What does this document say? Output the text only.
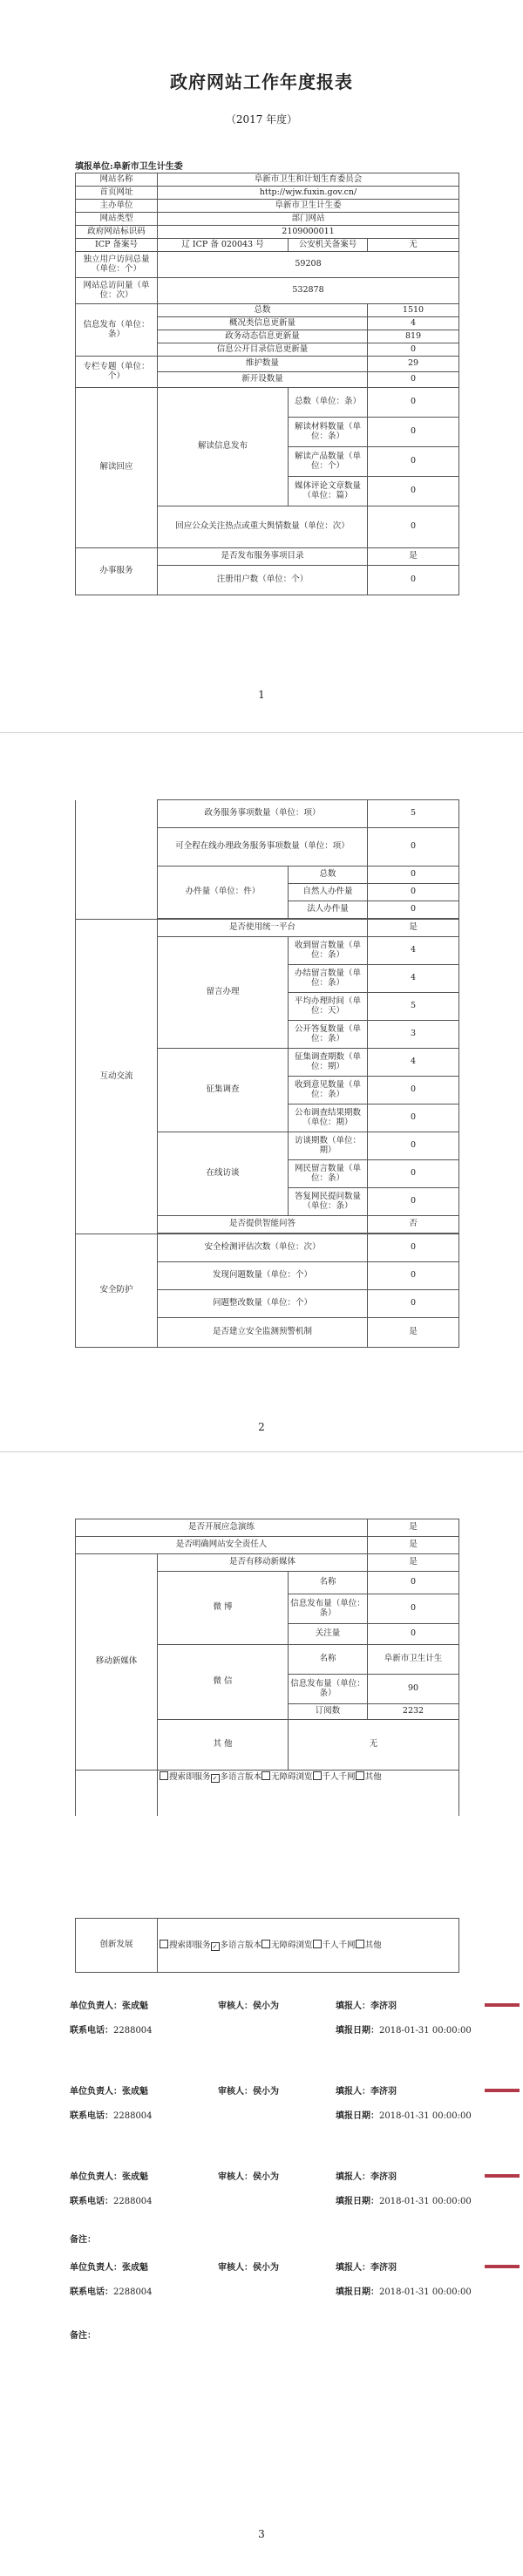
政府网站工作年度报表
（2017 年度）
填报单位:阜新市卫生计生委
网站名称	阜新市卫生和计划生育委员会		
首页网址	http://wjw.fuxin.gov.cn/		
主办单位	阜新市卫生计生委		
网站类型	部门网站		
政府网站标识码	2109000011		
ICP 备案号	辽 ICP 备 020043 号	公安机关备案号	无
独立用户访问总量（单位：个）	59208		
网站总访问量（单位：次）	532878		
信息发布（单位：条）	总数		1510
	概况类信息更新量		4
	政务动态信息更新量		819
	信息公开目录信息更新量		0
专栏专题（单位：个）	维护数量		29
	新开设数量		0
解读回应	解读信息发布	总数（单位：条）	0
		解读材料数量（单位：条）	0
		解读产品数量（单位：个）	0
		媒体评论文章数量（单位：篇）	0
	回应公众关注热点或重大舆情数量（单位：次）		0
办事服务	是否发布服务事项目录		是
	注册用户数（单位：个）		0
1
	政务服务事项数量（单位：项）		5
	可全程在线办理政务服务事项数量（单位：项）		0
	办件量（单位：件）	总数	0
		自然人办件量	0
		法人办件量	0

互动交流	是否使用统一平台		是
	留言办理	收到留言数量（单位：条）	4
		办结留言数量（单位：条）	4
		平均办理时间（单位：天）	5
		公开答复数量（单位：条）	3
	征集调查	征集调查期数（单位：期）	4
		收到意见数量（单位：条）	0
		公布调查结果期数（单位：期）	0
	在线访谈	访谈期数（单位：期）	0
		网民留言数量（单位：条）	0
		答复网民提问数量（单位：条）	0
	是否提供智能问答		否

安全防护	安全检测评估次数（单位：次）		0
	发现问题数量（单位：个）		0
	问题整改数量（单位：个）		0
	是否建立安全监测预警机制		是
2
是否开展应急演练			是
是否明确网站安全责任人			是
移动新媒体	是否有移动新媒体		是
	微 博	名称	0
		信息发布量（单位：条）	0
		关注量	0
	微 信	名称	阜新市卫生计生
		信息发布量（单位：条）	90
		订阅数	2232
	其 他	无	
	搜索即服务 ✓ 多语言版本 无障碍浏览 千人千网 其他		
创新发展	搜索即服务 ✓ 多语言版本 无障碍浏览 千人千网 其他
单位负责人：张成魁	审核人：侯小为	填报人：李济羽
联系电话：2288004	填报日期：2018-01-31 00:00:00
单位负责人：张成魁	审核人：侯小为	填报人：李济羽
联系电话：2288004	填报日期：2018-01-31 00:00:00
单位负责人：张成魁	审核人：侯小为	填报人：李济羽
联系电话：2288004	填报日期：2018-01-31 00:00:00
备注：
单位负责人：张成魁	审核人：侯小为	填报人：李济羽
联系电话：2288004	填报日期：2018-01-31 00:00:00
备注：
3
